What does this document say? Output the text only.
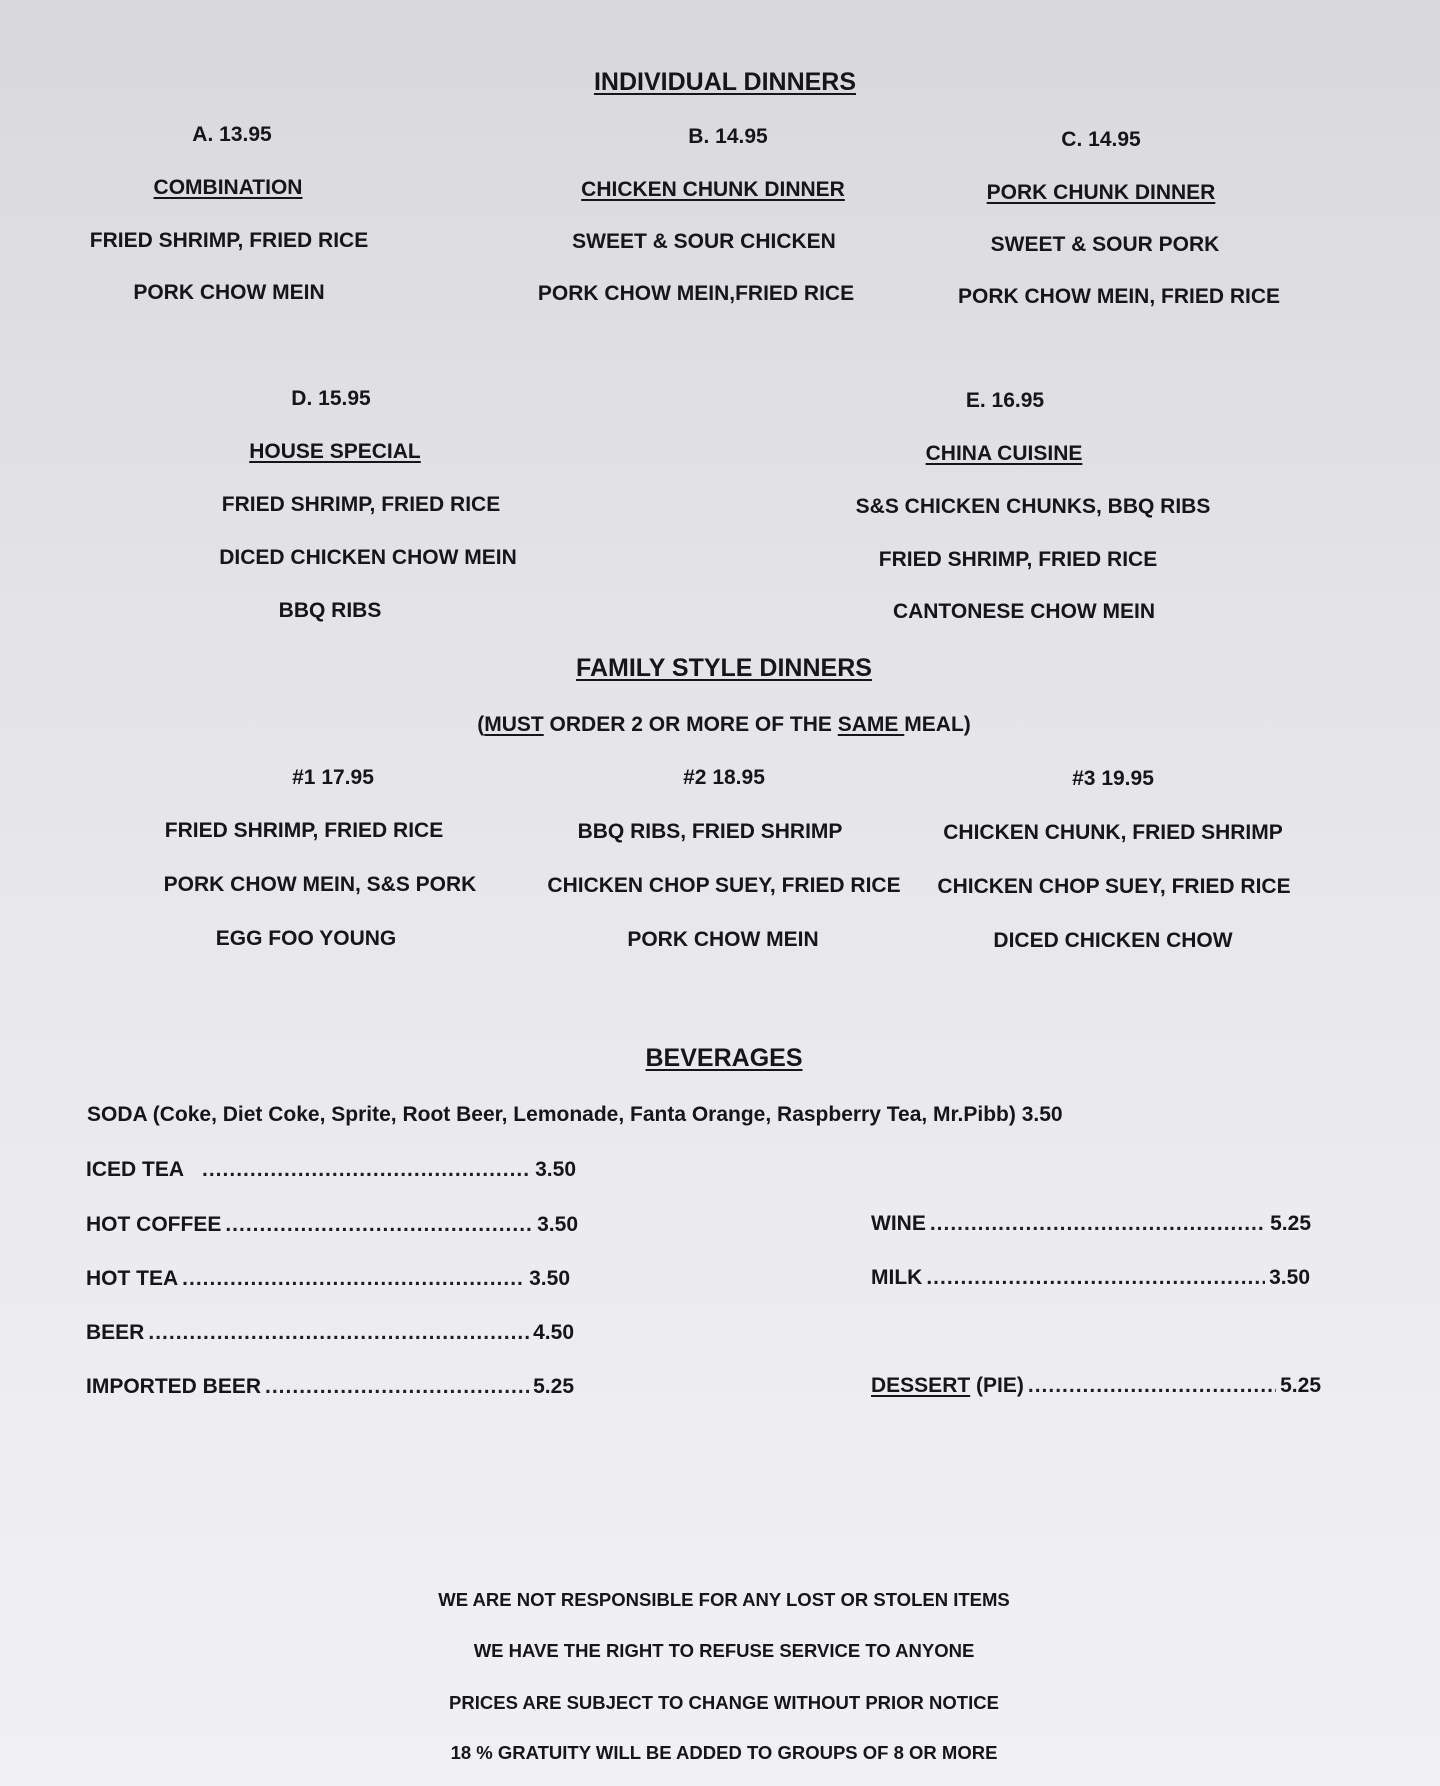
INDIVIDUAL DINNERS
A. 13.95
COMBINATION
FRIED SHRIMP, FRIED RICE
PORK CHOW MEIN
B. 14.95
CHICKEN CHUNK DINNER
SWEET & SOUR CHICKEN
PORK CHOW MEIN,FRIED RICE
C. 14.95
PORK CHUNK DINNER
SWEET & SOUR PORK
PORK CHOW MEIN, FRIED RICE
D. 15.95
HOUSE SPECIAL
FRIED SHRIMP, FRIED RICE
DICED CHICKEN CHOW MEIN
BBQ RIBS
E. 16.95
CHINA CUISINE
S&S CHICKEN CHUNKS, BBQ RIBS
FRIED SHRIMP, FRIED RICE
CANTONESE CHOW MEIN
FAMILY STYLE DINNERS
(MUST ORDER 2 OR MORE OF THE SAME MEAL)
#1 17.95
FRIED SHRIMP, FRIED RICE
PORK CHOW MEIN, S&S PORK
EGG FOO YOUNG
#2 18.95
BBQ RIBS, FRIED SHRIMP
CHICKEN CHOP SUEY, FRIED RICE
PORK CHOW MEIN
#3 19.95
CHICKEN CHUNK, FRIED SHRIMP
CHICKEN CHOP SUEY, FRIED RICE
DICED CHICKEN CHOW
BEVERAGES
SODA (Coke, Diet Coke, Sprite, Root Beer, Lemonade, Fanta Orange, Raspberry Tea, Mr.Pibb) 3.50
ICED TEA .....	3.50
HOT COFFEE .....	3.50
HOT TEA .....	3.50
BEER .....	4.50
IMPORTED BEER .....	5.25
WINE .....	5.25
MILK .....	3.50
DESSERT (PIE) .....	5.25
WE ARE NOT RESPONSIBLE FOR ANY LOST OR STOLEN ITEMS
WE HAVE THE RIGHT TO REFUSE SERVICE TO ANYONE
PRICES ARE SUBJECT TO CHANGE WITHOUT PRIOR NOTICE
18 % GRATUITY WILL BE ADDED TO GROUPS OF 8 OR MORE
